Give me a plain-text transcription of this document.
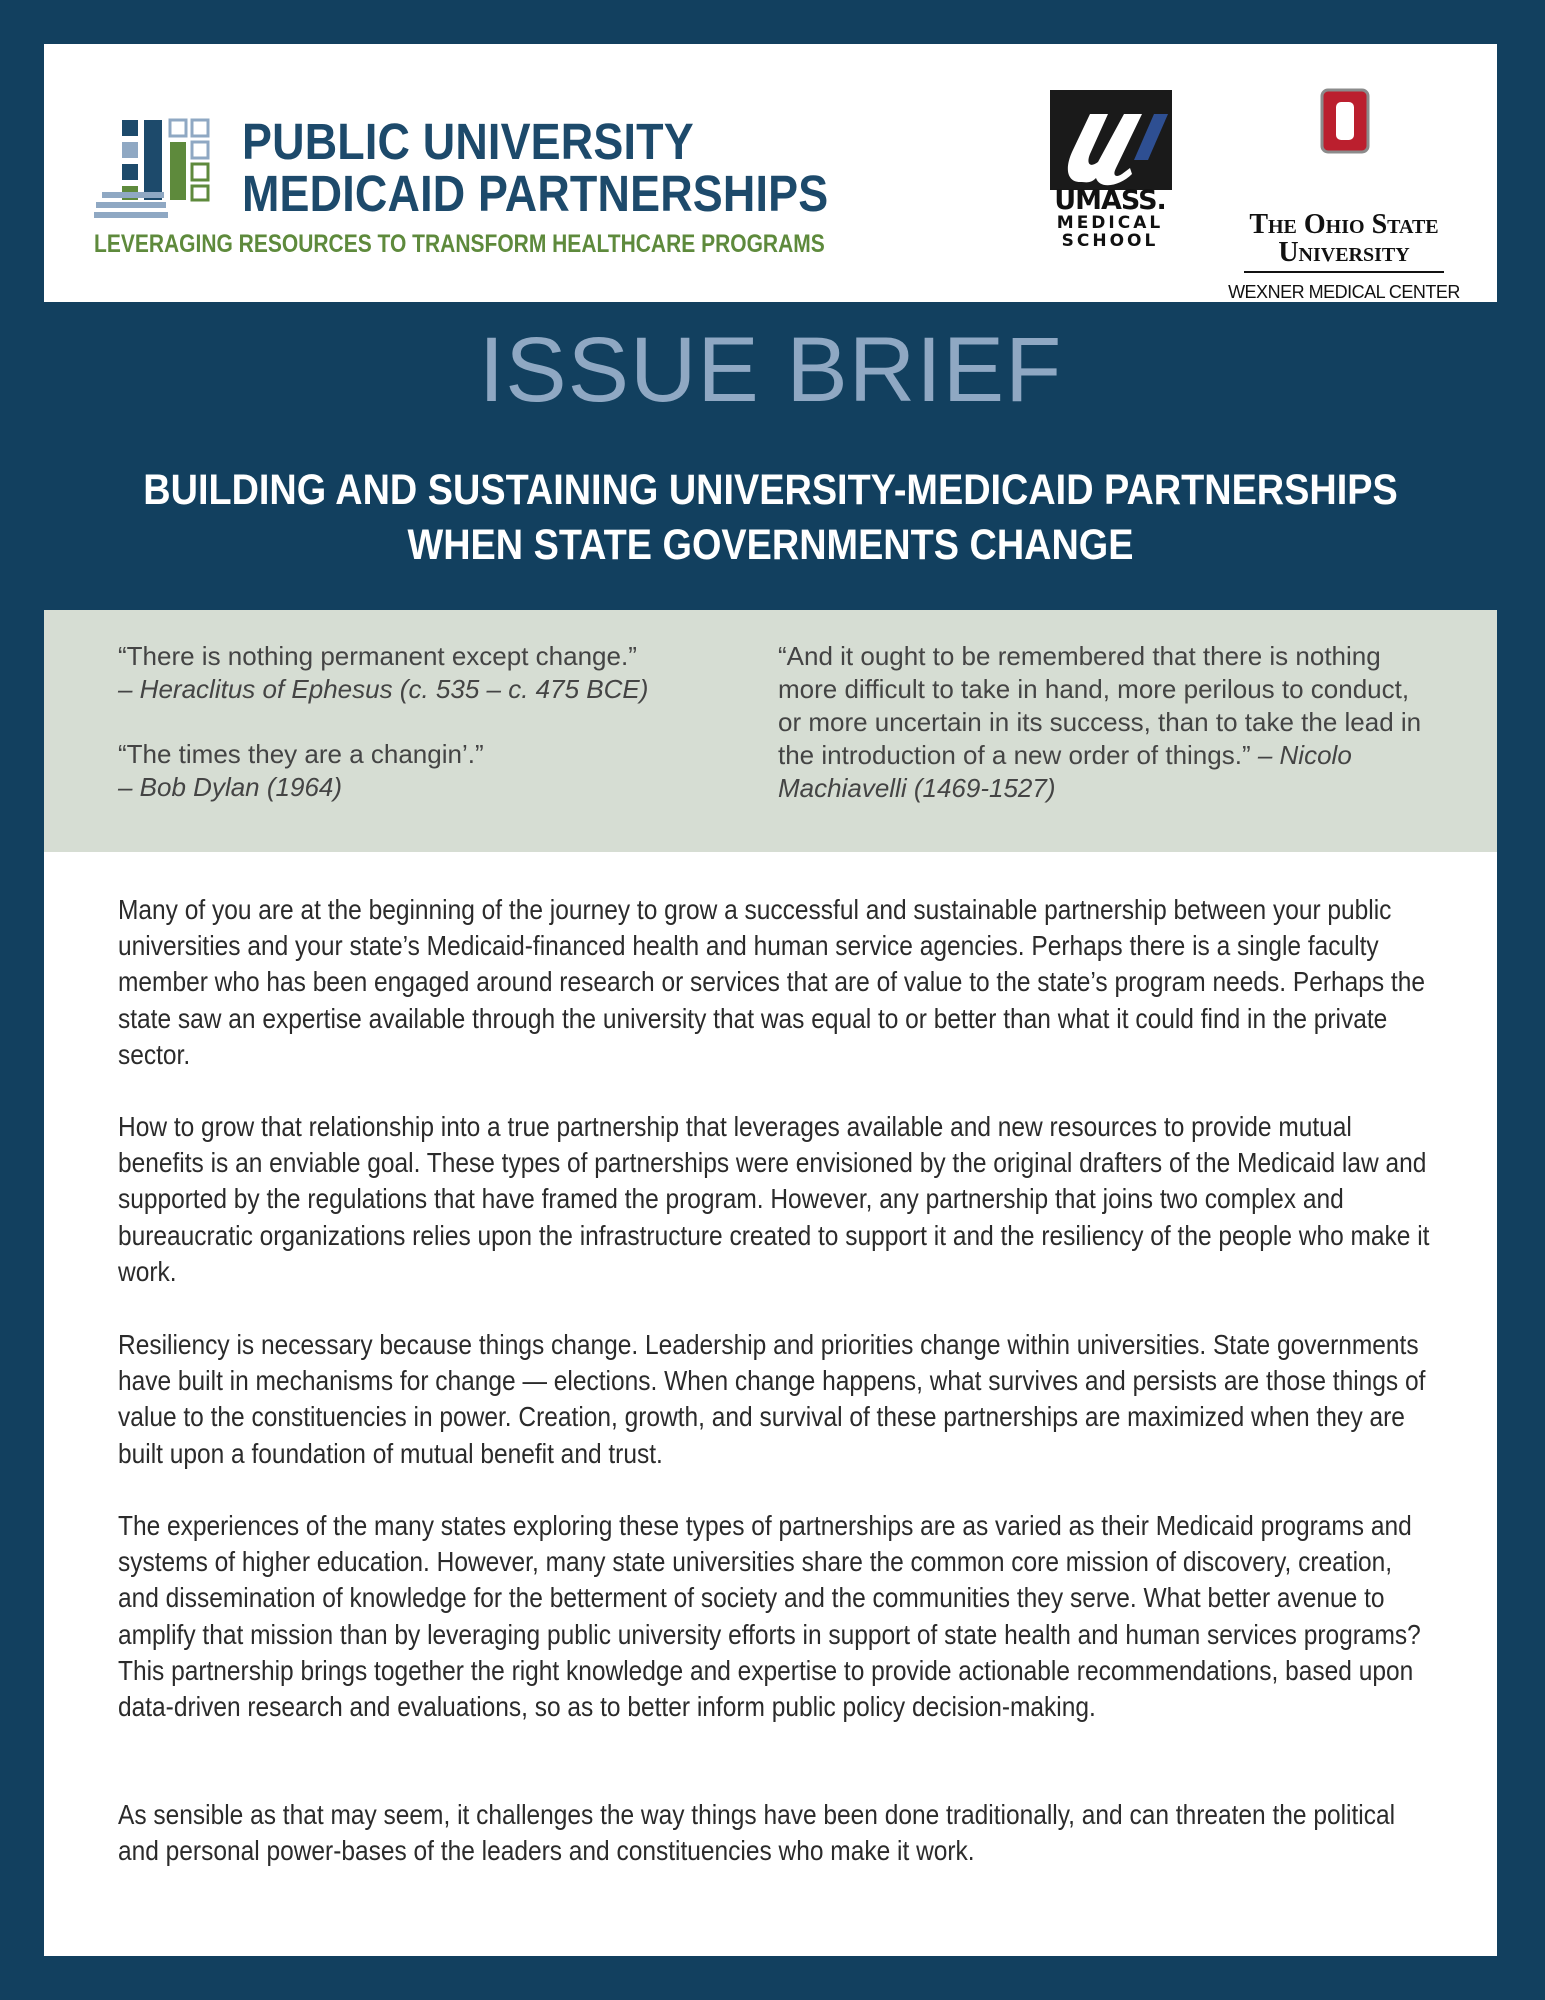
PUBLIC UNIVERSITY
MEDICAID PARTNERSHIPS
LEVERAGING RESOURCES TO TRANSFORM HEALTHCARE PROGRAMS
UMASS.
MEDICAL
SCHOOL
The Ohio State
University
WEXNER MEDICAL CENTER
ISSUE BRIEF
BUILDING AND SUSTAINING UNIVERSITY-MEDICAID PARTNERSHIPS
WHEN STATE GOVERNMENTS CHANGE
“There is nothing permanent except change.”
– Heraclitus of Ephesus (c. 535 – c. 475 BCE)
“The times they are a changin’.”
– Bob Dylan (1964)
“And it ought to be remembered that there is nothing more difficult to take in hand, more perilous to conduct, or more uncertain in its success, than to take the lead in the introduction of a new order of things.” – Nicolo Machiavelli (1469-1527)

Many of you are at the beginning of the journey to grow a successful and sustainable partnership between your public universities and your state’s Medicaid-financed health and human service agencies. Perhaps there is a single faculty member who has been engaged around research or services that are of value to the state’s program needs. Perhaps the state saw an expertise available through the university that was equal to or better than what it could find in the private sector.

How to grow that relationship into a true partnership that leverages available and new resources to provide mutual benefits is an enviable goal. These types of partnerships were envisioned by the original drafters of the Medicaid law and supported by the regulations that have framed the program. However, any partnership that joins two complex and bureaucratic organizations relies upon the infrastructure created to support it and the resiliency of the people who make it work.

Resiliency is necessary because things change. Leadership and priorities change within universities. State governments have built in mechanisms for change — elections. When change happens, what survives and persists are those things of value to the constituencies in power. Creation, growth, and survival of these partnerships are maximized when they are built upon a foundation of mutual benefit and trust.

The experiences of the many states exploring these types of partnerships are as varied as their Medicaid programs and systems of higher education. However, many state universities share the common core mission of discovery, creation, and dissemination of knowledge for the betterment of society and the communities they serve. What better avenue to amplify that mission than by leveraging public university efforts in support of state health and human services programs? This partnership brings together the right knowledge and expertise to provide actionable recommendations, based upon data-driven research and evaluations, so as to better inform public policy decision-making.

As sensible as that may seem, it challenges the way things have been done traditionally, and can threaten the political and personal power-bases of the leaders and constituencies who make it work.
